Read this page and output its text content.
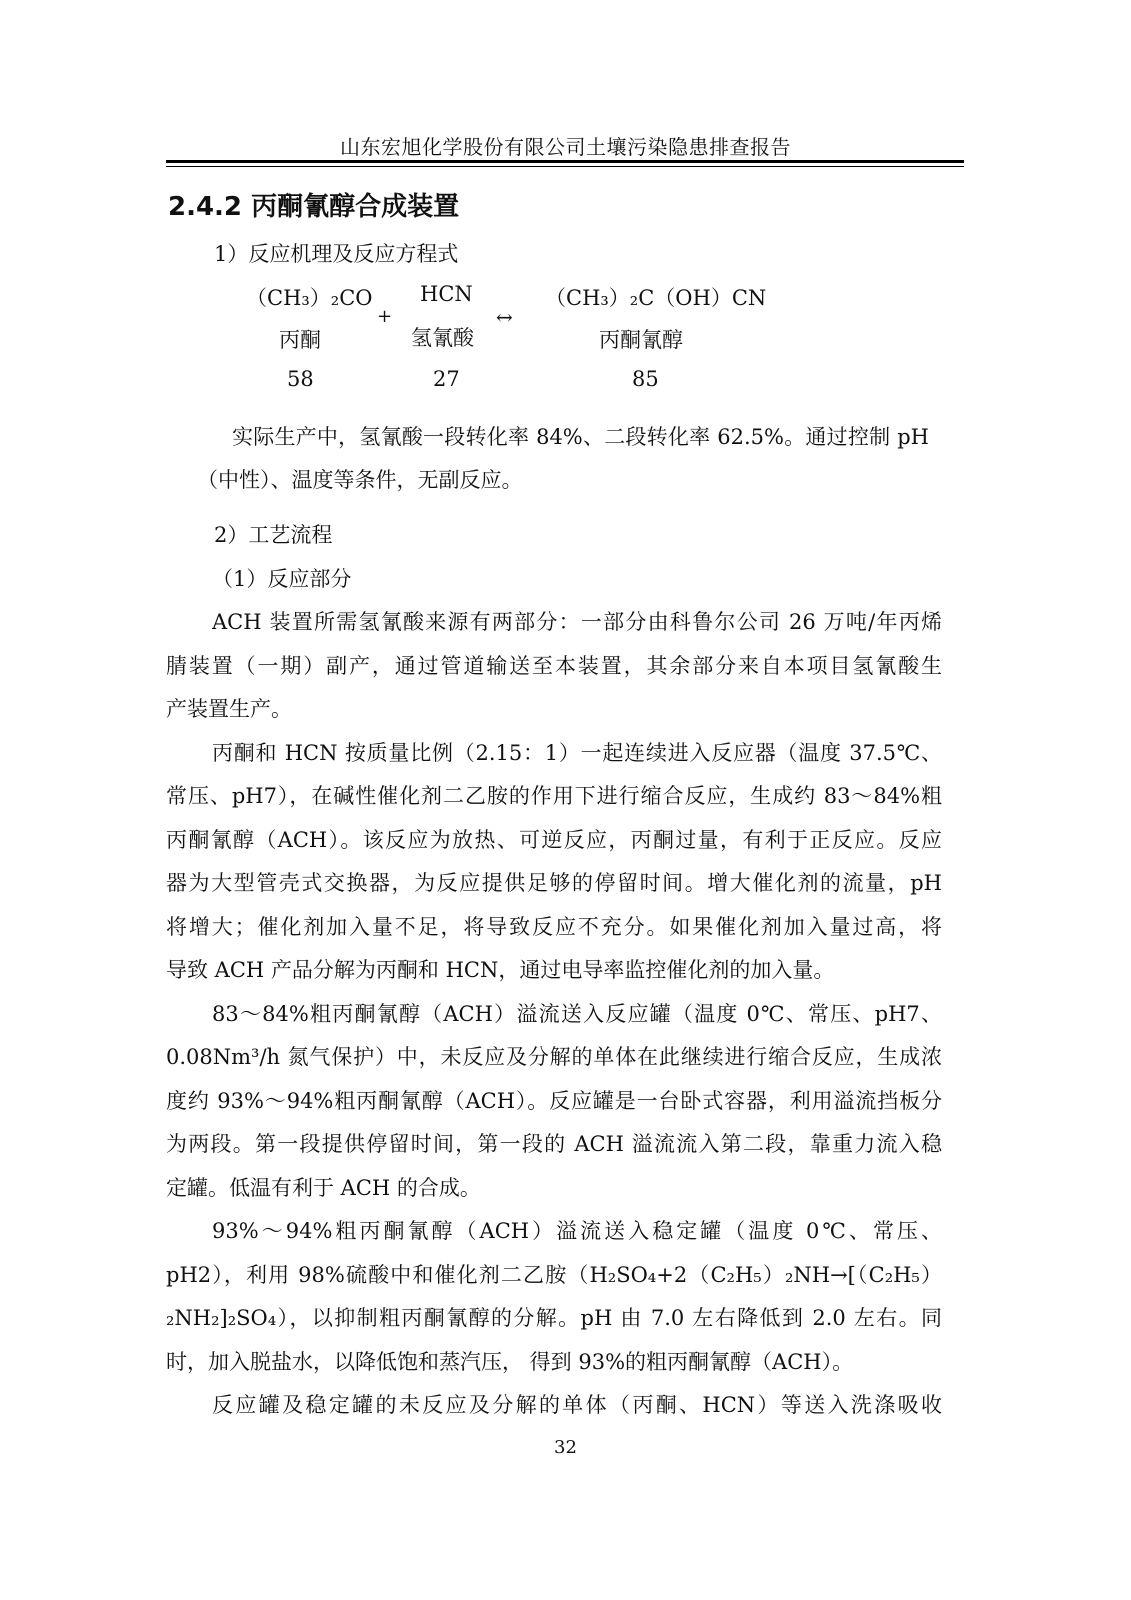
山东宏旭化学股份有限公司土壤污染隐患排查报告
2.4.2 丙酮氰醇合成装置
1）反应机理及反应方程式
（CH₃）₂CO
丙酮
58
+
HCN
氢氰酸
27
↔
（CH₃）₂C（OH）CN
丙酮氰醇
85
实际生产中，氢氰酸一段转化率 84%、二段转化率 62.5%。通过控制 pH
（中性）、温度等条件，无副反应。
2）工艺流程
（1）反应部分
ACH 装置所需氢氰酸来源有两部分：一部分由科鲁尔公司 26 万吨/年丙烯
腈装置（一期）副产，通过管道输送至本装置，其余部分来自本项目氢氰酸生
产装置生产。
丙酮和 HCN 按质量比例（2.15：1）一起连续进入反应器（温度 37.5℃、
常压、pH7），在碱性催化剂二乙胺的作用下进行缩合反应，生成约 83～84%粗
丙酮氰醇（ACH）。该反应为放热、可逆反应，丙酮过量，有利于正反应。反应
器为大型管壳式交换器，为反应提供足够的停留时间。增大催化剂的流量，pH
将增大；催化剂加入量不足，将导致反应不充分。如果催化剂加入量过高，将
导致 ACH 产品分解为丙酮和 HCN，通过电导率监控催化剂的加入量。
83～84%粗丙酮氰醇（ACH）溢流送入反应罐（温度 0℃、常压、pH7、
0.08Nm³/h 氮气保护）中，未反应及分解的单体在此继续进行缩合反应，生成浓
度约 93%～94%粗丙酮氰醇（ACH）。反应罐是一台卧式容器，利用溢流挡板分
为两段。第一段提供停留时间，第一段的 ACH 溢流流入第二段，靠重力流入稳
定罐。低温有利于 ACH 的合成。
93%～94%粗丙酮氰醇（ACH）溢流送入稳定罐（温度 0℃、常压、
pH2），利用 98%硫酸中和催化剂二乙胺（H₂SO₄+2（C₂H₅）₂NH→[（C₂H₅）
₂NH₂]₂SO₄），以抑制粗丙酮氰醇的分解。pH 由 7.0 左右降低到 2.0 左右。同
时，加入脱盐水，以降低饱和蒸汽压， 得到 93%的粗丙酮氰醇（ACH）。
反应罐及稳定罐的未反应及分解的单体（丙酮、HCN）等送入洗涤吸收
32
